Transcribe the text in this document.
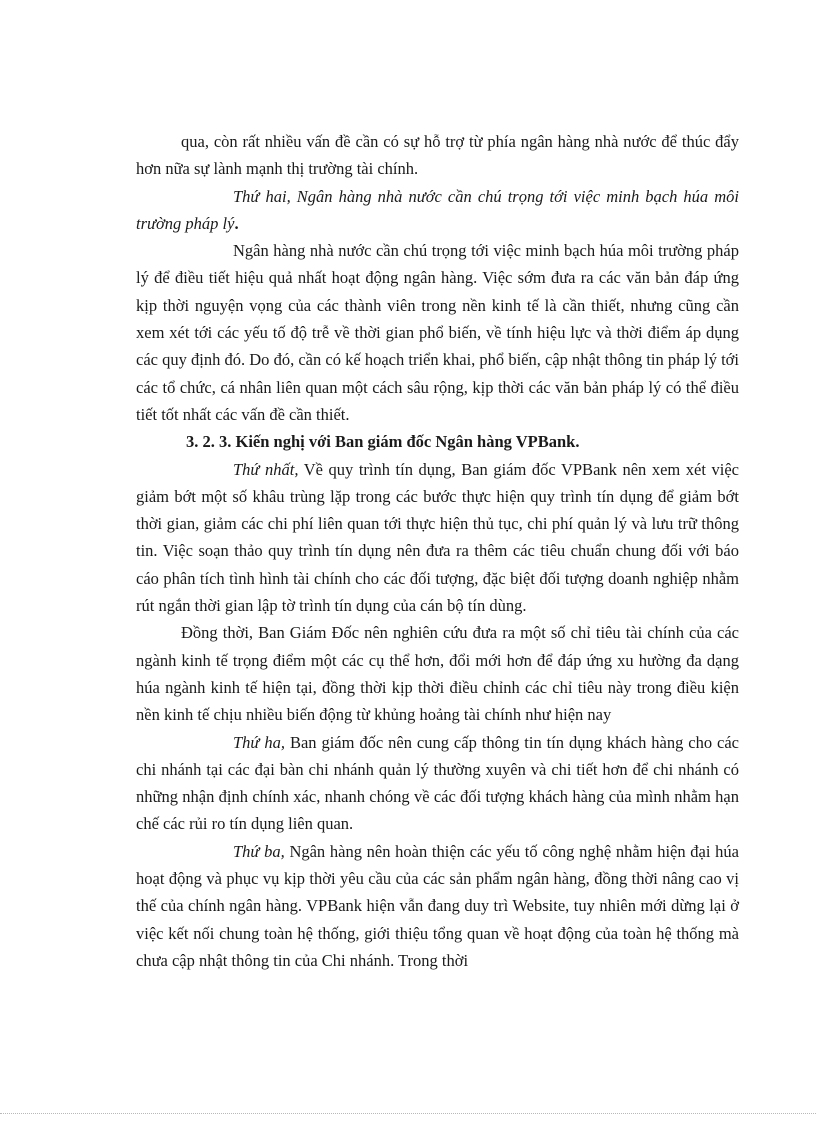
qua, còn rất nhiều vấn đề cần có sự hỗ trợ từ phía ngân hàng nhà nước để thúc đẩy hơn nữa sự lành mạnh thị trường tài chính.

Thứ hai, Ngân hàng nhà nước cần chú trọng tới việc minh bạch húa môi trường pháp lý.

Ngân hàng nhà nước cần chú trọng tới việc minh bạch húa môi trường pháp lý để điều tiết hiệu quả nhất hoạt động ngân hàng. Việc sớm đưa ra các văn bản đáp ứng kịp thời nguyện vọng của các thành viên trong nền kinh tế là cần thiết, nhưng cũng cần xem xét tới các yếu tố độ trễ về thời gian phổ biến, về tính hiệu lực và thời điểm áp dụng các quy định đó. Do đó, cần có kế hoạch triển khai, phổ biến, cập nhật thông tin pháp lý tới các tổ chức, cá nhân liên quan một cách sâu rộng, kịp thời các văn bản pháp lý có thể điều tiết tốt nhất các vấn đề cần thiết.

3. 2. 3. Kiến nghị với Ban giám đốc Ngân hàng VPBank.

Thứ nhất, Về quy trình tín dụng, Ban giám đốc VPBank nên xem xét việc giảm bớt một số khâu trùng lặp trong các bước thực hiện quy trình tín dụng để giảm bớt thời gian, giảm các chi phí liên quan tới thực hiện thủ tục, chi phí quản lý và lưu trữ thông tin. Việc soạn thảo quy trình tín dụng nên đưa ra thêm các tiêu chuẩn chung đối với báo cáo phân tích tình hình tài chính cho các đối tượng, đặc biệt đối tượng doanh nghiệp nhằm rút ngắn thời gian lập tờ trình tín dụng của cán bộ tín dùng.

Đồng thời, Ban Giám Đốc nên nghiên cứu đưa ra một số chỉ tiêu tài chính của các ngành kinh tế trọng điểm một các cụ thể hơn, đổi mới hơn để đáp ứng xu hường đa dạng húa ngành kinh tế hiện tại, đồng thời kịp thời điều chỉnh các chỉ tiêu này trong điều kiện nền kinh tế chịu nhiều biến động từ khủng hoảng tài chính như hiện nay

Thứ ha, Ban giám đốc nên cung cấp thông tin tín dụng khách hàng cho các chi nhánh tại các đại bàn chi nhánh quản lý thường xuyên và chi tiết hơn để chi nhánh có những nhận định chính xác, nhanh chóng về các đối tượng khách hàng của mình nhằm hạn chế các rủi ro tín dụng liên quan.

Thứ ba, Ngân hàng nên hoàn thiện các yếu tố công nghệ nhằm hiện đại húa hoạt động và phục vụ kịp thời yêu cầu của các sản phẩm ngân hàng, đồng thời nâng cao vị thế của chính ngân hàng. VPBank hiện vẫn đang duy trì Website, tuy nhiên mới dừng lại ở việc kết nối chung toàn hệ thống, giới thiệu tổng quan về hoạt động của toàn hệ thống mà chưa cập nhật thông tin của Chi nhánh. Trong thời
